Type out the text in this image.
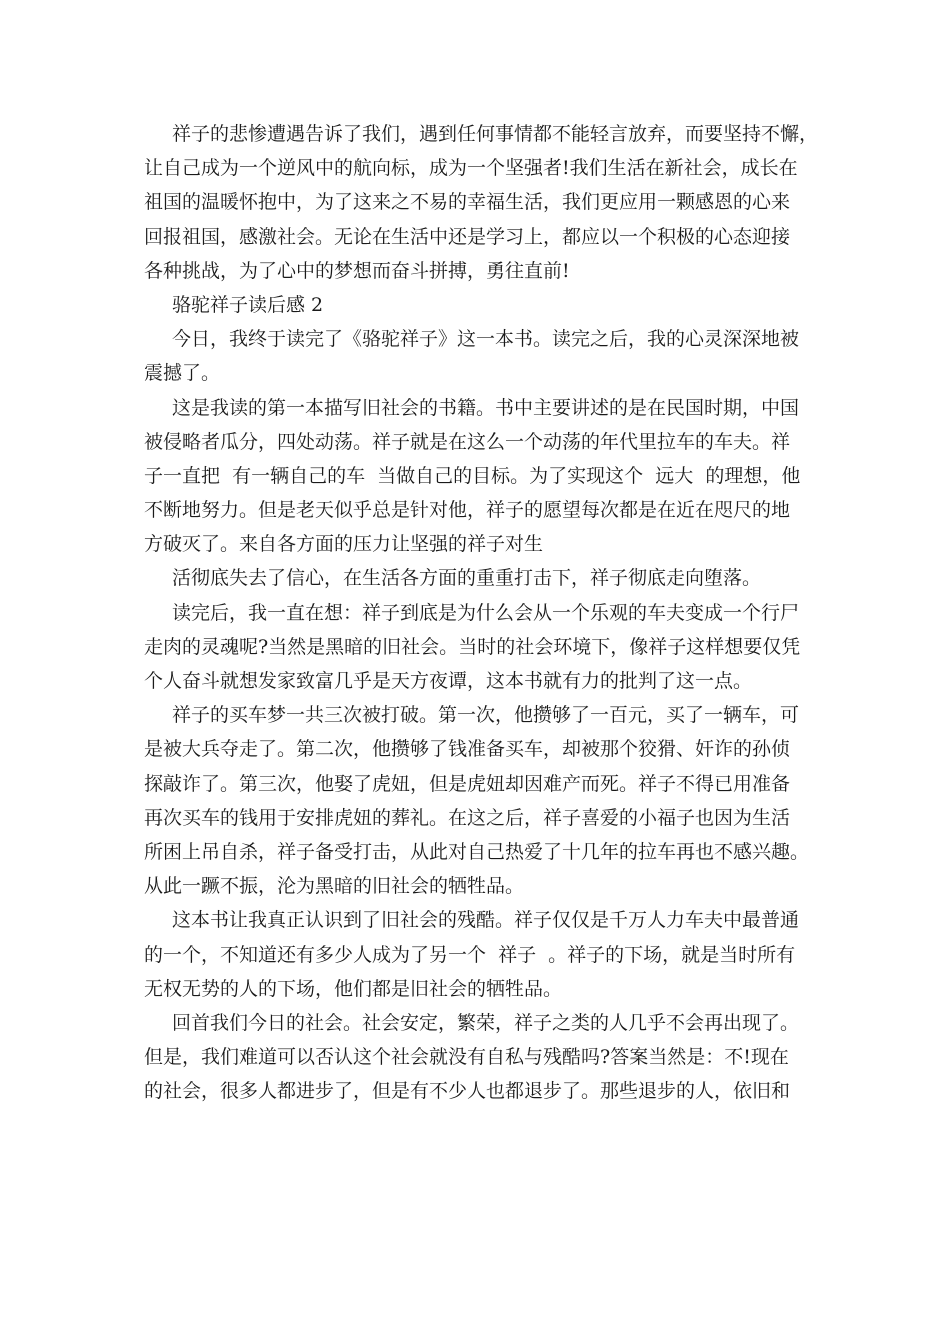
祥子的悲惨遭遇告诉了我们，遇到任何事情都不能轻言放弃，而要坚持不懈，
让自己成为一个逆风中的航向标，成为一个坚强者!我们生活在新社会，成长在
祖国的温暖怀抱中，为了这来之不易的幸福生活，我们更应用一颗感恩的心来
回报祖国，感激社会。无论在生活中还是学习上，都应以一个积极的心态迎接
各种挑战，为了心中的梦想而奋斗拼搏，勇往直前!
骆驼祥子读后感 2
今日，我终于读完了《骆驼祥子》这一本书。读完之后，我的心灵深深地被
震撼了。
这是我读的第一本描写旧社会的书籍。书中主要讲述的是在民国时期，中国
被侵略者瓜分，四处动荡。祥子就是在这么一个动荡的年代里拉车的车夫。祥
子一直把  有一辆自己的车  当做自己的目标。为了实现这个  远大  的理想，他
不断地努力。但是老天似乎总是针对他，祥子的愿望每次都是在近在咫尺的地
方破灭了。来自各方面的压力让坚强的祥子对生
活彻底失去了信心，在生活各方面的重重打击下，祥子彻底走向堕落。
读完后，我一直在想：祥子到底是为什么会从一个乐观的车夫变成一个行尸
走肉的灵魂呢?当然是黑暗的旧社会。当时的社会环境下，像祥子这样想要仅凭
个人奋斗就想发家致富几乎是天方夜谭，这本书就有力的批判了这一点。
祥子的买车梦一共三次被打破。第一次，他攒够了一百元，买了一辆车，可
是被大兵夺走了。第二次，他攒够了钱准备买车，却被那个狡猾、奸诈的孙侦
探敲诈了。第三次，他娶了虎妞，但是虎妞却因难产而死。祥子不得已用准备
再次买车的钱用于安排虎妞的葬礼。在这之后，祥子喜爱的小福子也因为生活
所困上吊自杀，祥子备受打击，从此对自己热爱了十几年的拉车再也不感兴趣。
从此一蹶不振，沦为黑暗的旧社会的牺牲品。
这本书让我真正认识到了旧社会的残酷。祥子仅仅是千万人力车夫中最普通
的一个，不知道还有多少人成为了另一个  祥子  。祥子的下场，就是当时所有
无权无势的人的下场，他们都是旧社会的牺牲品。
回首我们今日的社会。社会安定，繁荣，祥子之类的人几乎不会再出现了。
但是，我们难道可以否认这个社会就没有自私与残酷吗?答案当然是：不!现在
的社会，很多人都进步了，但是有不少人也都退步了。那些退步的人，依旧和
